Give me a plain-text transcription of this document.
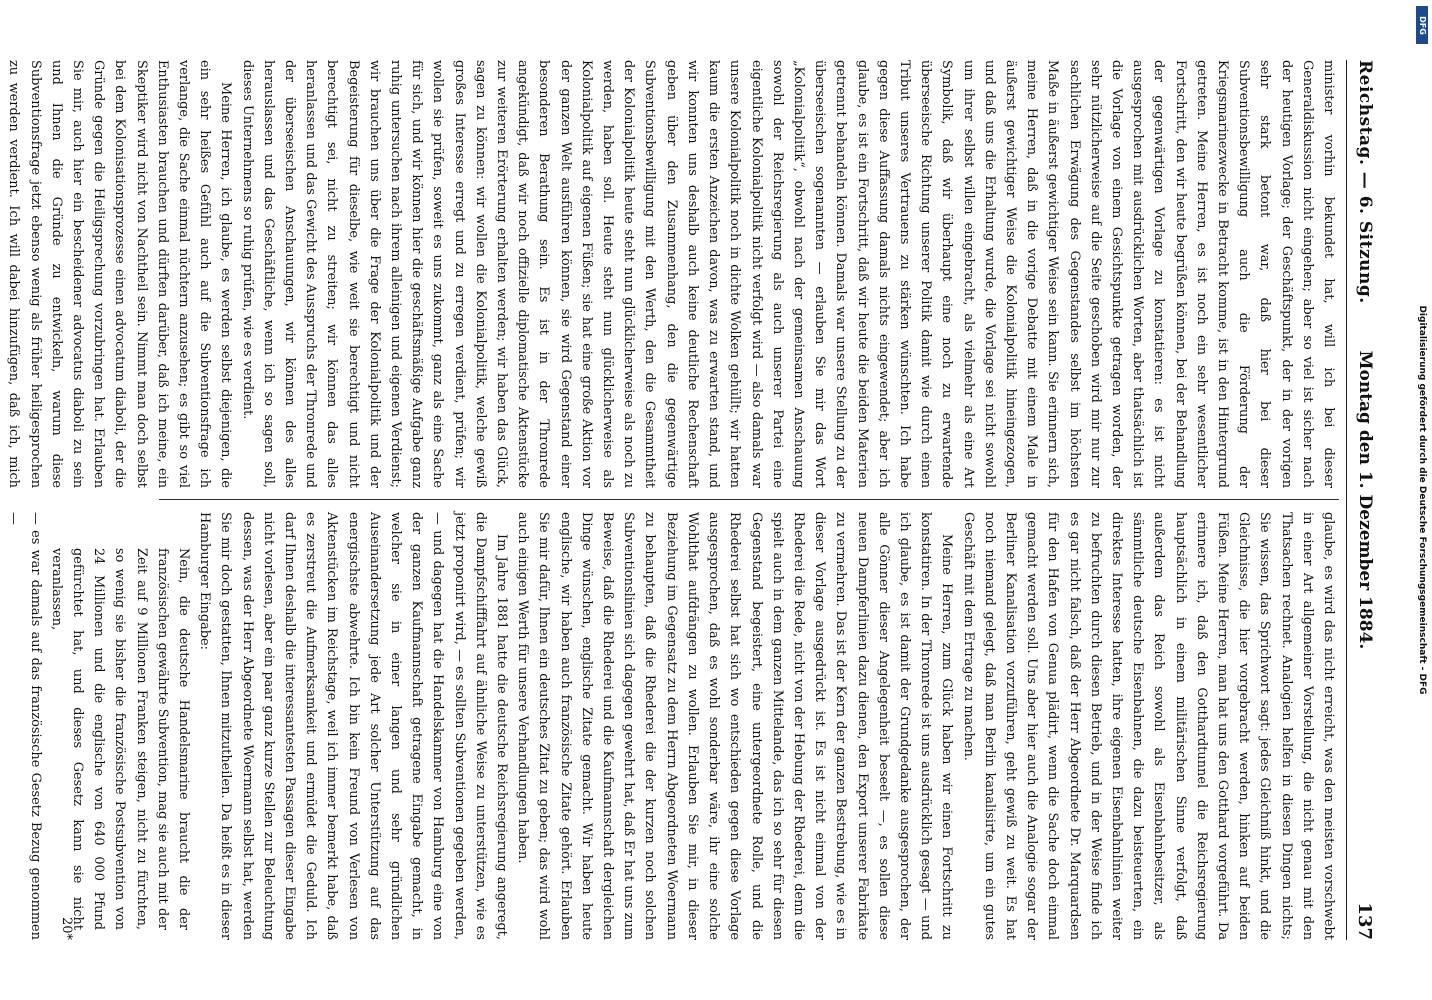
Reichstag. — 6. Sitzung.
Montag den 1. Dezember 1884.
137

minister vorhin bekundet hat, will ich bei dieser Generaldiskussion nicht eingehen; aber so viel ist sicher nach der heutigen Vorlage; der Geschäftspunkt, der in der vorigen sehr stark betont war, daß hier bei dieser Subventionsbewilligung auch die Förderung der Kriegsmarinezwecke in Betracht komme, ist in den Hintergrund getreten. Meine Herren, es ist noch ein sehr wesentlicher Fortschritt, den wir heute begrüßen können, bei der Behandlung der gegenwärtigen Vorlage zu konstatieren: es ist nicht ausgesprochen mit ausdrücklichen Worten, aber thatsächlich ist die Vorlage von einem Gesichtspunkte getragen worden, der sehr nützlicherweise auf die Seite geschoben wird mir nur zur sachlichen Erwägung des Gegenstandes selbst im höchsten Maße in äußerst gewichtiger Weise sein kann. Sie erinnern sich, meine Herren, daß in die vorige Debatte mit einem Male in äußerst gewichtiger Weise die Kolonialpolitik hineingezogen, und daß uns die Erhaltung wurde, die Vorlage sei nicht sowohl um ihrer selbst willen eingebracht, als vielmehr als eine Art Symbolik, daß wir überhaupt eine noch zu erwartende überseeische Richtung unserer Politik damit wie durch einen Tribut unseres Vertrauens zu stärken wünschten. Ich habe gegen diese Auffassung damals nichts eingewendet; aber ich glaube, es ist ein Fortschritt, daß wir heute die beiden Materien getrennt behandeln können. Damals war unsere Stellung zu der überseeischen sogenannten — erlauben Sie mir das Wort „Kolonialpolitik“, obwohl nach der gemeinsamen Anschauung sowohl der Reichsregierung als auch unserer Partei eine eigentliche Kolonialpolitik nicht verfolgt wird — also damals war unsere Kolonialpolitik noch in dichte Wolken gehüllt; wir hatten kaum die ersten Anzeichen davon, was zu erwarten stand, und wir konnten uns deshalb auch keine deutliche Rechenschaft geben über den Zusammenhang, den die gegenwärtige Subventionsbewilligung mit den Werth, den die Gesammtheit der Kolonialpolitik heute steht nun glücklicherweise als noch zu werden, haben soll. Heute steht nun glücklicherweise als Kolonialpolitik auf eigenen Füßen; sie hat eine große Aktion vor der ganzen Welt ausführen können, sie wird Gegenstand einer besonderen Berathung sein. Es ist in der Thronrede angekündigt, daß wir noch offizielle diplomatische Aktenstücke zur weiteren Erörterung erhalten werden; wir haben das Glück, sagen zu können: wir wollen die Kolonialpolitik, welche gewiß großes Interesse erregt und zu erregen verdient, prüfen; wir wollen sie prüfen, soweit es uns zukommt, ganz als eine Sache für sich, und wir können hier die geschäftsmäßige Aufgabe ganz ruhig untersuchen nach ihrem alleinigen und eigenen Verdienst; wir brauchen uns über die Frage der Kolonialpolitik und der Begeisterung für dieselbe, wie weit sie berechtigt und nicht berechtigt sei, nicht zu streiten; wir können das alles heranlassen und das Gewicht des Ausspruchs der Thronrede und der überseeischen Anschauungen, wir können des alles herauslassen und das Geschäftliche, wenn ich so sagen soll, dieses Unternehmens so ruhig prüfen, wie es verdient.

Meine Herren, ich glaube, es werden selbst diejenigen, die ein sehr heißes Gefühl auch auf die Subventionsfrage ich verlange, die Sache einmal nüchtern anzusehen; es gibt so viel Enthusiasten brauchen und dürften darüber, daß ich meine, ein Skeptiker wird nicht von Nachtheil sein. Nimmt man doch selbst bei dem Kolonisationsprozesse einen advocatum diaboli, der die Gründe gegen die Heiligsprechung vorzubringen hat. Erlauben Sie mir, auch hier ein bescheidener advocatus diaboli zu sein und Ihnen die Gründe zu entwickeln, warum diese Subventionsfrage jetzt ebenso wenig als früher heiligesprochen zu werden verdient. Ich will dabei hinzufügen, daß ich, mich

glaube, es wird das nicht erreicht, was den meisten vorschwebt in einer Art allgemeiner Vorstellung, die nicht genau mit den Thatsachen rechnet. Analogien helfen in diesen Dingen nichts; Sie wissen, das Sprichwort sagt: jedes Gleichniß hinkt, und die Gleichnisse, die hier vorgebracht werden, hinken auf beiden Füßen. Meine Herren, man hat uns den Gotthard vorgeführt. Da erinnere ich, daß den Gotthardtunnel die Reichsregierung hauptsächlich in einem militärischen Sinne verfolgt, daß außerdem das Reich sowohl als Eisenbahnbesitzer, als sämmtliche deutsche Eisenbahnen, die dazu beisteuerten, ein direktes Interesse hatten, ihre eigenen Eisenbahnlinien weiter zu befruchten durch diesen Betrieb, und in der Weise finde ich es gar nicht falsch, daß der Herr Abgeordnete Dr. Marquardsen für den Hafen von Genua plädirt, wenn die Sache doch einmal gemacht werden soll. Uns aber hier auch die Analogie sogar der Berliner Kanalisation vorzuführen, geht gewiß zu weit. Es hat noch niemand gelegt, daß man Berlin kanalisirte, um ein gutes Geschäft mit dem Ertrage zu machen.

Meine Herren, zum Glück haben wir einen Fortschritt zu konstatiren. In der Thronrede ist uns ausdrücklich gesagt — und ich glaube, es ist damit der Grundgedanke ausgesprochen, der alle Gönner dieser Angelegenheit beseelt —, es sollen diese neuen Dampferlinien dazu dienen, den Export unserer Fabrikate zu vermehren. Das ist der Kern der ganzen Bestrebung, wie es in dieser Vorlage ausgedrückt ist. Es ist nicht einmal von der Rhederei die Rede, nicht von der Hebung der Rhederei, denn die spielt auch in dem ganzen Mittelande, das ich so sehr für diesen Gegenstand begeistert, eine untergeordnete Rolle, und die Rhederei selbst hat sich wo entschieden gegen diese Vorlage ausgesprochen, daß es wohl sonderbar wäre, ihr eine solche Wohlthat aufdrängen zu wollen. Erlauben Sie mir, in dieser Beziehung im Gegensatz zu dem Herrn Abgeordneten Woermann zu behaupten, daß die Rhederei die der kurzen noch solchen Subventionslinien sich dagegen gewehrt hat, daß Er hat uns zum Beweise, daß die Rhederei und die Kaufmannschaft dergleichen Dinge wünschen, englische Zitate gemacht. Wir haben heute englische, wir haben auch französische Zitate gehört. Erlauben Sie mir dafür, Ihnen ein deutsches Zitat zu geben; das wird wohl auch einigen Werth für unsere Verhandlungen haben.

Im Jahre 1881 hatte die deutsche Reichsregierung angeregt, die Dampfschifffahrt auf ähnliche Weise zu unterstützen, wie es jetzt proponirt wird, — es sollten Subventionen gegeben werden, — und dagegen hat die Handelskammer von Hamburg eine von der ganzen Kaufmannschaft getragene Eingabe gemacht, in welcher sie in einer langen und sehr gründlichen Auseinandersetzung jede Art solcher Unterstützung auf das energischste abwehrte. Ich bin kein Freund von Verlesen von Aktenstücken im Reichstage, weil ich immer bemerkt habe, daß es zerstreut die Aufmerksamkeit und ermüdet die Geduld. Ich darf Ihnen deshalb die interessantesten Passagen dieser Eingabe nicht vorlesen, aber ein paar ganz kurze Stellen zur Beleuchtung dessen, was der Herr Abgeordnete Woermann selbst hat, werden Sie mir doch gestatten, Ihnen mitzutheilen. Da heißt es in dieser Hamburger Eingabe:

Nein, die deutsche Handelsmarine braucht die der französischen gewährte Subvention, mag sie auch mit der Zeit auf 9 Millionen Franken steigen, nicht zu fürchten, so wenig sie bisher die französische Postsubvention von 24 Millionen und die englische von 640 000 Pfund gefürchtet hat, und dieses Gesetz kann sie nicht veranlassen,

— es war damals auf das französische Gesetz Bezug genommen —

20*
DFG
Digitalisierung gefördert durch die Deutsche Forschungsgemeinschaft - DFG
